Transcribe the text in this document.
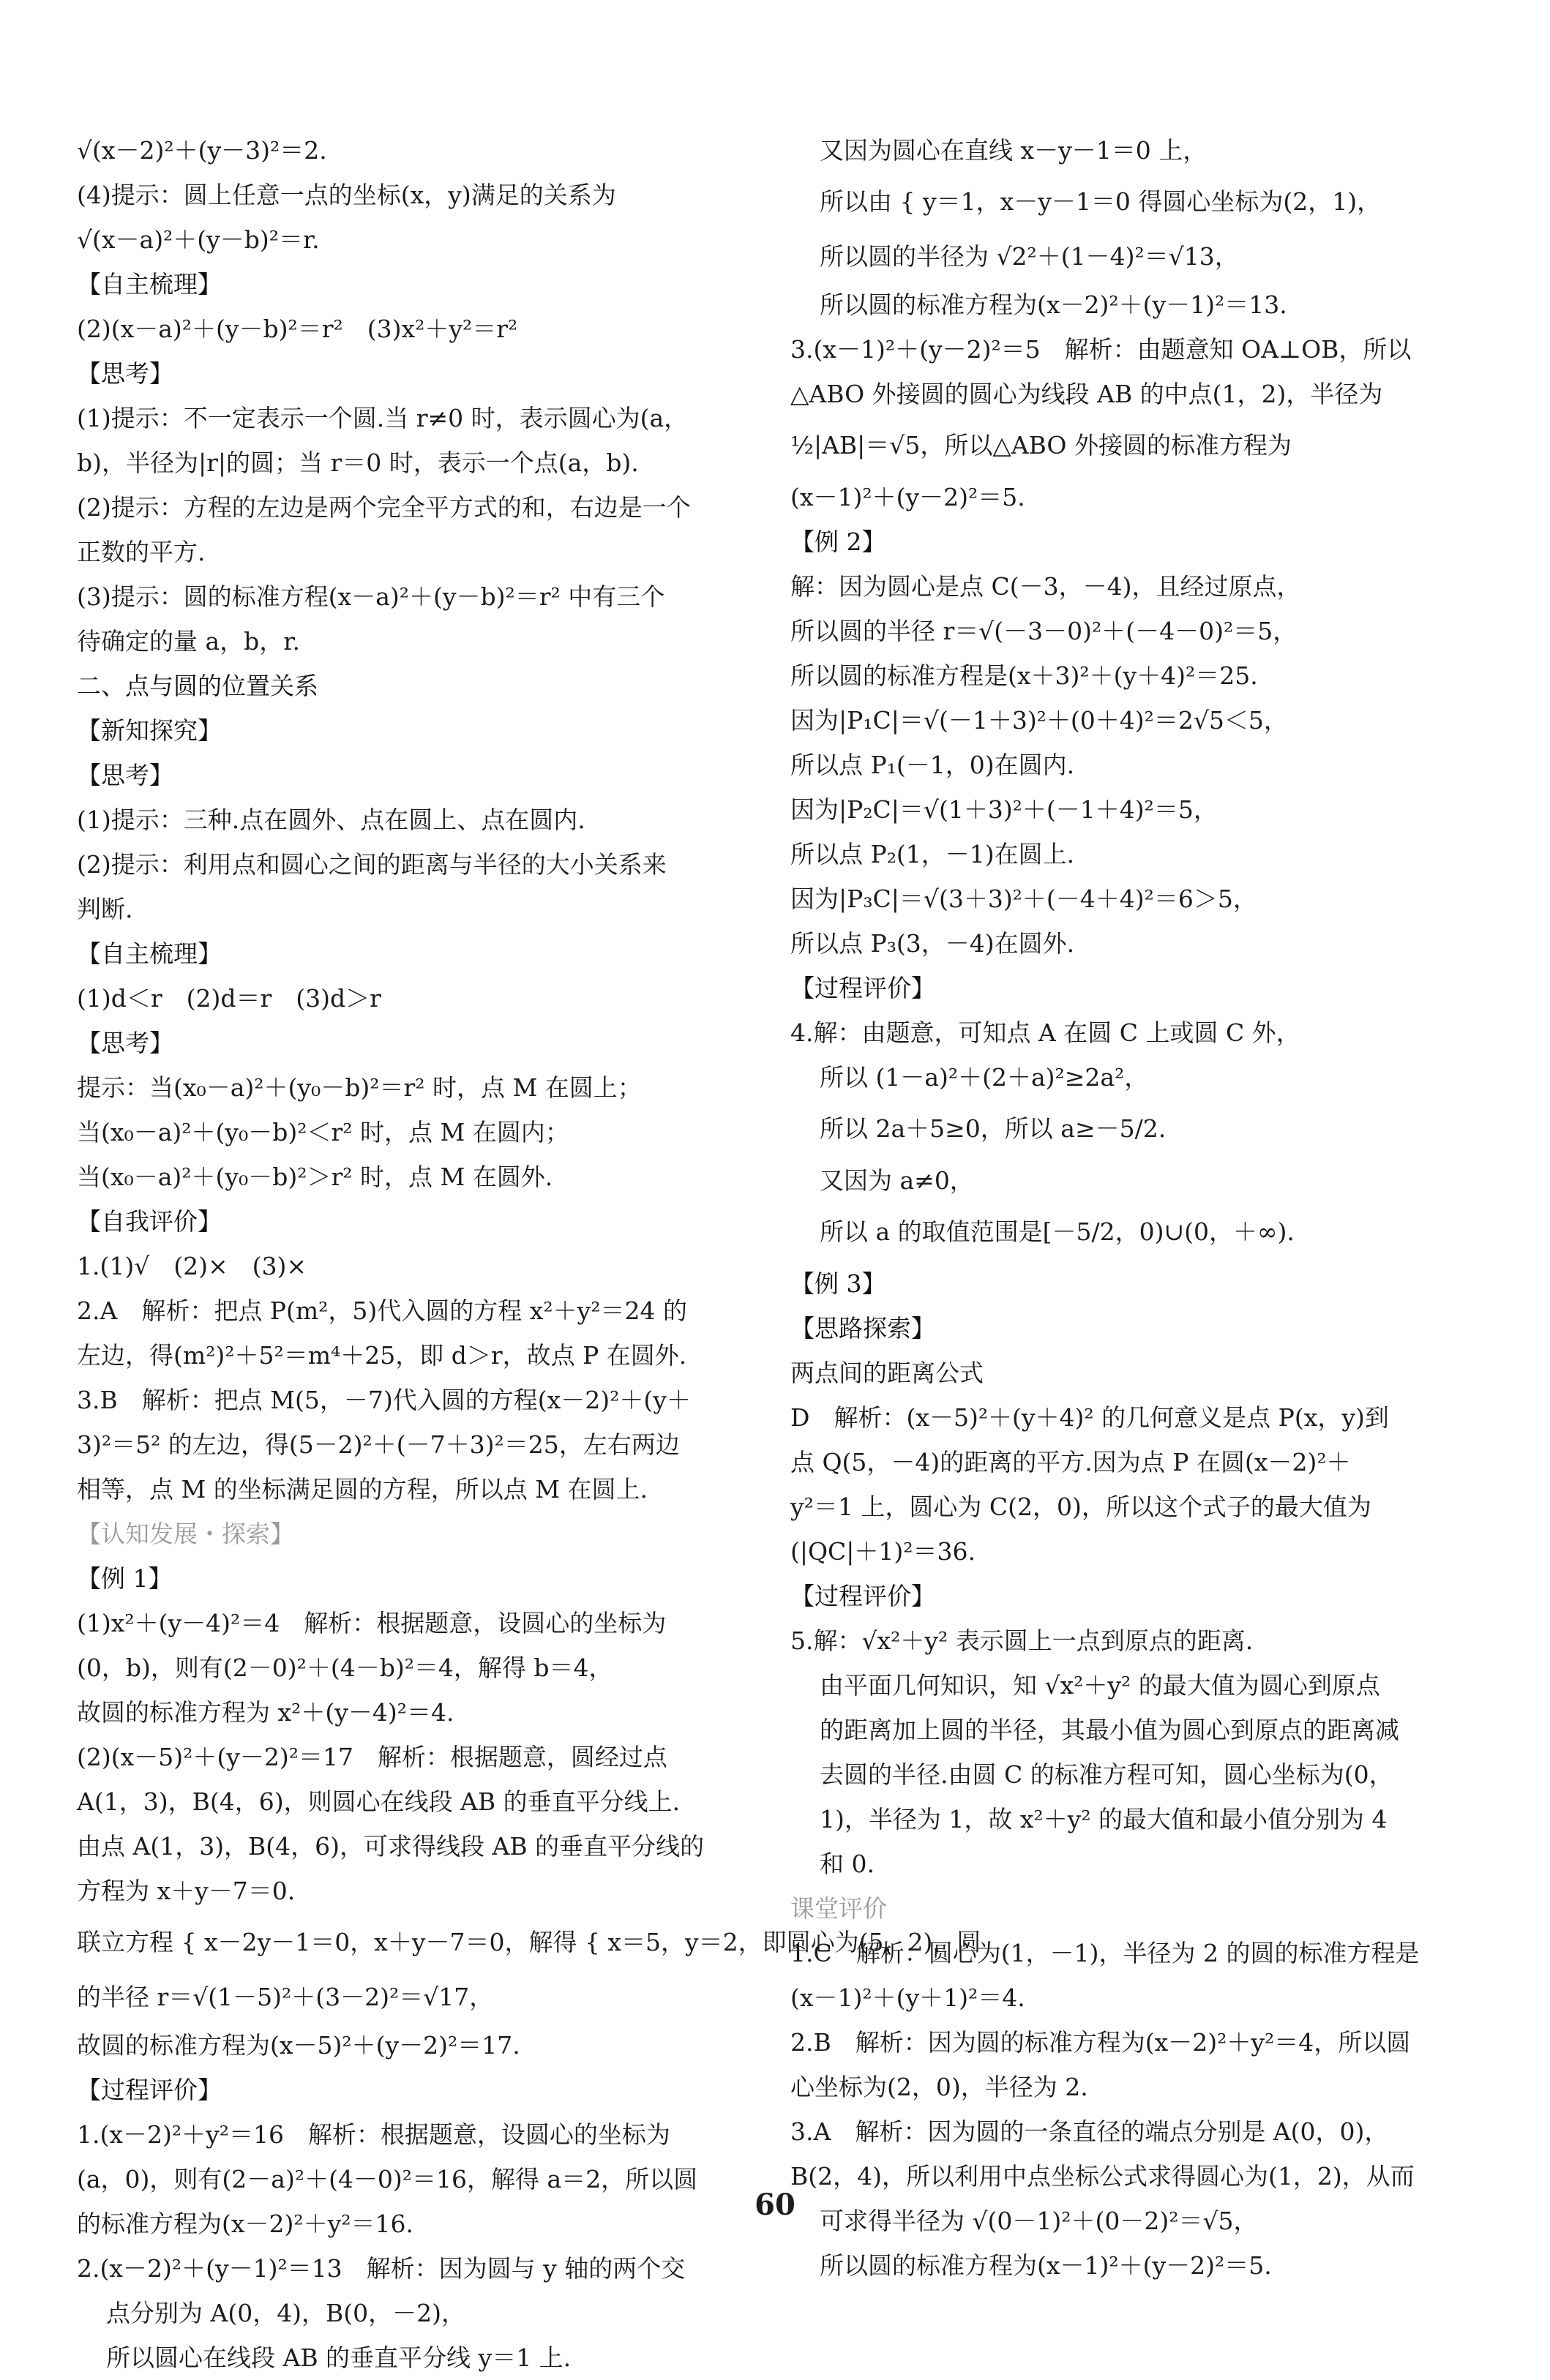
√(x－2)²＋(y－3)²＝2.

(4)提示：圆上任意一点的坐标(x，y)满足的关系为

√(x－a)²＋(y－b)²＝r.

【自主梳理】

(2)(x－a)²＋(y－b)²＝r²　(3)x²＋y²＝r²

【思考】

(1)提示：不一定表示一个圆.当 r≠0 时，表示圆心为(a，

b)，半径为|r|的圆；当 r＝0 时，表示一个点(a，b).

(2)提示：方程的左边是两个完全平方式的和，右边是一个

正数的平方.

(3)提示：圆的标准方程(x－a)²＋(y－b)²＝r² 中有三个

待确定的量 a，b，r.

二、点与圆的位置关系

【新知探究】

【思考】

(1)提示：三种.点在圆外、点在圆上、点在圆内.

(2)提示：利用点和圆心之间的距离与半径的大小关系来

判断.

【自主梳理】

(1)d＜r　(2)d＝r　(3)d＞r

【思考】

提示：当(x₀－a)²＋(y₀－b)²＝r² 时，点 M 在圆上；

当(x₀－a)²＋(y₀－b)²＜r² 时，点 M 在圆内；

当(x₀－a)²＋(y₀－b)²＞r² 时，点 M 在圆外.

【自我评价】

1.(1)√　(2)×　(3)×

2.A　解析：把点 P(m²，5)代入圆的方程 x²＋y²＝24 的

左边，得(m²)²＋5²＝m⁴＋25，即 d＞r，故点 P 在圆外.

3.B　解析：把点 M(5，－7)代入圆的方程(x－2)²＋(y＋

3)²＝5² 的左边，得(5－2)²＋(－7＋3)²＝25，左右两边

相等，点 M 的坐标满足圆的方程，所以点 M 在圆上.

【认知发展・探索】

【例 1】

(1)x²＋(y－4)²＝4　解析：根据题意，设圆心的坐标为

(0，b)，则有(2－0)²＋(4－b)²＝4，解得 b＝4，

故圆的标准方程为 x²＋(y－4)²＝4.

(2)(x－5)²＋(y－2)²＝17　解析：根据题意，圆经过点

A(1，3)，B(4，6)，则圆心在线段 AB 的垂直平分线上.

由点 A(1，3)，B(4，6)，可求得线段 AB 的垂直平分线的

方程为 x＋y－7＝0.

联立方程 { x－2y－1＝0，x＋y－7＝0，解得 { x＝5，y＝2，即圆心为(5，2)，圆

的半径 r＝√(1－5)²＋(3－2)²＝√17，

故圆的标准方程为(x－5)²＋(y－2)²＝17.

【过程评价】

1.(x－2)²＋y²＝16　解析：根据题意，设圆心的坐标为

(a，0)，则有(2－a)²＋(4－0)²＝16，解得 a＝2，所以圆

的标准方程为(x－2)²＋y²＝16.

2.(x－2)²＋(y－1)²＝13　解析：因为圆与 y 轴的两个交

点分别为 A(0，4)，B(0，－2)，

所以圆心在线段 AB 的垂直平分线 y＝1 上.

又因为圆心在直线 x－y－1＝0 上，

所以由 { y＝1，x－y－1＝0 得圆心坐标为(2，1)，

所以圆的半径为 √2²＋(1－4)²＝√13，

所以圆的标准方程为(x－2)²＋(y－1)²＝13.

3.(x－1)²＋(y－2)²＝5　解析：由题意知 OA⊥OB，所以

△ABO 外接圆的圆心为线段 AB 的中点(1，2)，半径为

½|AB|＝√5，所以△ABO 外接圆的标准方程为

(x－1)²＋(y－2)²＝5.

【例 2】

解：因为圆心是点 C(－3，－4)，且经过原点，

所以圆的半径 r＝√(－3－0)²＋(－4－0)²＝5，

所以圆的标准方程是(x＋3)²＋(y＋4)²＝25.

因为|P₁C|＝√(－1＋3)²＋(0＋4)²＝2√5＜5，

所以点 P₁(－1，0)在圆内.

因为|P₂C|＝√(1＋3)²＋(－1＋4)²＝5，

所以点 P₂(1，－1)在圆上.

因为|P₃C|＝√(3＋3)²＋(－4＋4)²＝6＞5，

所以点 P₃(3，－4)在圆外.

【过程评价】

4.解：由题意，可知点 A 在圆 C 上或圆 C 外，

所以 (1－a)²＋(2＋a)²≥2a²，

所以 2a＋5≥0，所以 a≥－5/2.

又因为 a≠0，

所以 a 的取值范围是[－5/2，0)∪(0，＋∞).

【例 3】

【思路探索】

两点间的距离公式

D　解析：(x－5)²＋(y＋4)² 的几何意义是点 P(x，y)到

点 Q(5，－4)的距离的平方.因为点 P 在圆(x－2)²＋

y²＝1 上，圆心为 C(2，0)，所以这个式子的最大值为

(|QC|＋1)²＝36.

【过程评价】

5.解：√x²＋y² 表示圆上一点到原点的距离.

由平面几何知识，知 √x²＋y² 的最大值为圆心到原点

的距离加上圆的半径，其最小值为圆心到原点的距离减

去圆的半径.由圆 C 的标准方程可知，圆心坐标为(0，

1)，半径为 1，故 x²＋y² 的最大值和最小值分别为 4

和 0.

课堂评价

1.C　解析：圆心为(1，－1)，半径为 2 的圆的标准方程是

(x－1)²＋(y＋1)²＝4.

2.B　解析：因为圆的标准方程为(x－2)²＋y²＝4，所以圆

心坐标为(2，0)，半径为 2.

3.A　解析：因为圆的一条直径的端点分别是 A(0，0)，

B(2，4)，所以利用中点坐标公式求得圆心为(1，2)，从而

可求得半径为 √(0－1)²＋(0－2)²＝√5，

所以圆的标准方程为(x－1)²＋(y－2)²＝5.

60
